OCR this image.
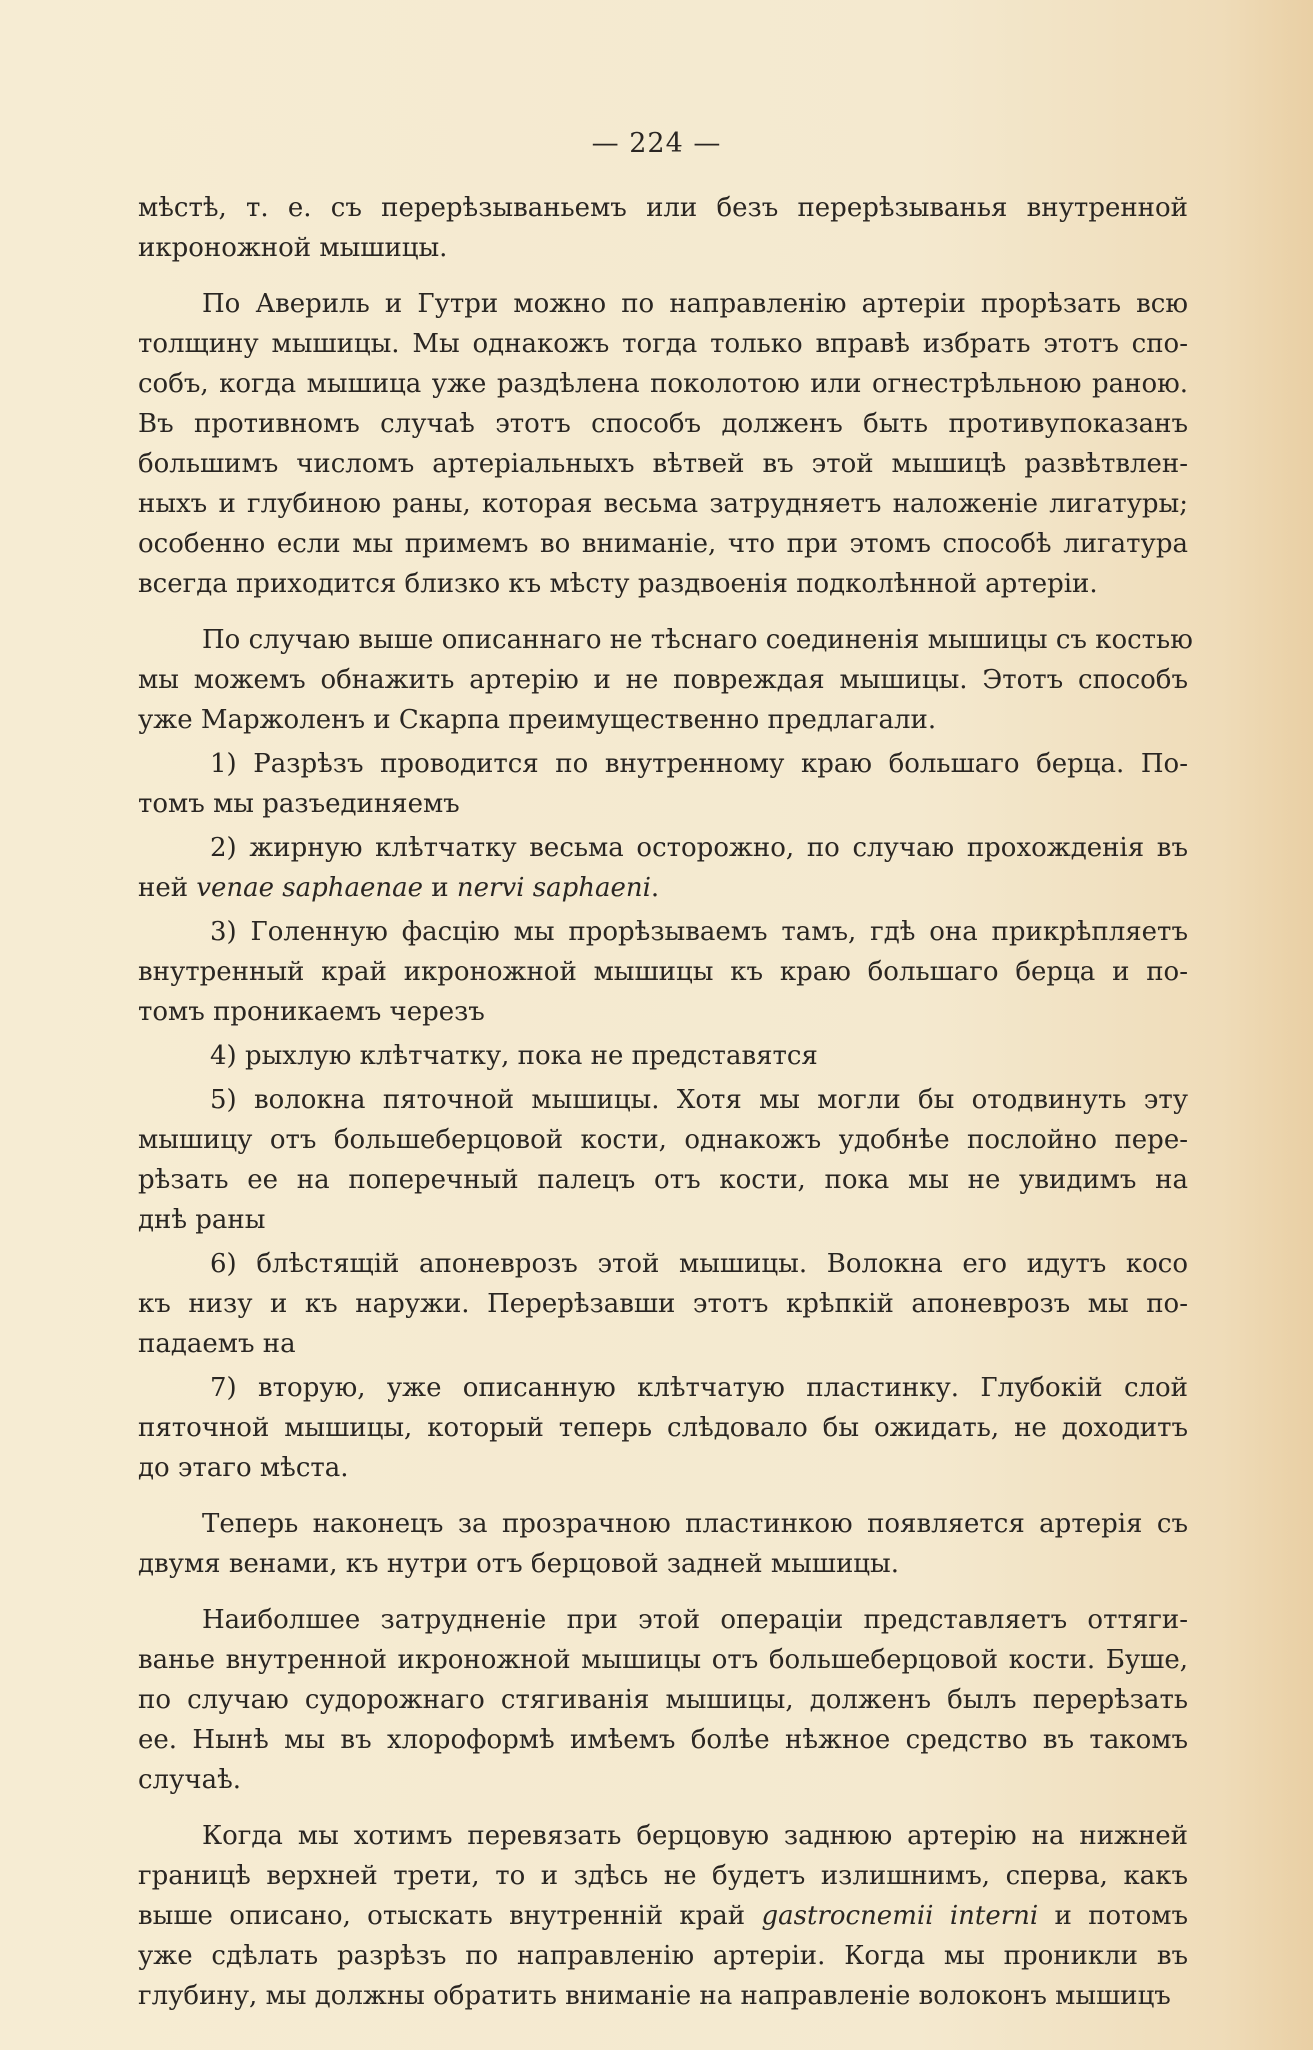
— 224 —
мѣстѣ, т. е. съ перерѣзываньемъ или безъ перерѣзыванья внутренной
икроножной мышицы.
По Авериль и Гутри можно по направленію артеріи прорѣзать всю
толщину мышицы. Мы однакожъ тогда только вправѣ избрать этотъ спо-
собъ, когда мышица уже раздѣлена поколотою или огнестрѣльною раною.
Въ противномъ случаѣ этотъ способъ долженъ быть противупоказанъ
большимъ числомъ артеріальныхъ вѣтвей въ этой мышицѣ развѣтвлен-
ныхъ и глубиною раны, которая весьма затрудняетъ наложеніе лигатуры;
особенно если мы примемъ во вниманіе, что при этомъ способѣ лигатура
всегда приходится близко къ мѣсту раздвоенія подколѣнной артеріи.
По случаю выше описаннаго не тѣснаго соединенія мышицы съ костью
мы можемъ обнажить артерію и не повреждая мышицы. Этотъ способъ
уже Маржоленъ и Скарпа преимущественно предлагали.
1) Разрѣзъ проводится по внутренному краю большаго берца. По-
томъ мы разъединяемъ
2) жирную клѣтчатку весьма осторожно, по случаю прохожденія въ
ней venae saphaenae и nervi saphaeni.
3) Голенную фасцію мы прорѣзываемъ тамъ, гдѣ она прикрѣпляетъ
внутренный край икроножной мышицы къ краю большаго берца и по-
томъ проникаемъ черезъ
4) рыхлую клѣтчатку, пока не представятся
5) волокна пяточной мышицы. Хотя мы могли бы отодвинуть эту
мышицу отъ большеберцовой кости, однакожъ удобнѣе послойно пере-
рѣзать ее на поперечный палецъ отъ кости, пока мы не увидимъ на
днѣ раны
6) блѣстящій апоневрозъ этой мышицы. Волокна его идутъ косо
къ низу и къ наружи. Перерѣзавши этотъ крѣпкій апоневрозъ мы по-
падаемъ на
7) вторую, уже описанную клѣтчатую пластинку. Глубокій слой
пяточной мышицы, который теперь слѣдовало бы ожидать, не доходитъ
до этаго мѣста.
Теперь наконецъ за прозрачною пластинкою появляется артерія съ
двумя венами, къ нутри отъ берцовой задней мышицы.
Наиболшее затрудненіе при этой операціи представляетъ оттяги-
ванье внутренной икроножной мышицы отъ большеберцовой кости. Буше,
по случаю судорожнаго стягиванія мышицы, долженъ былъ перерѣзать
ее. Нынѣ мы въ хлороформѣ имѣемъ болѣе нѣжное средство въ такомъ
случаѣ.
Когда мы хотимъ перевязать берцовую заднюю артерію на нижней
границѣ верхней трети, то и здѣсь не будетъ излишнимъ, сперва, какъ
выше описано, отыскать внутренній край gastrocnemii interni и потомъ
уже сдѣлать разрѣзъ по направленію артеріи. Когда мы проникли въ
глубину, мы должны обратить вниманіе на направленіе волоконъ мышицъ
